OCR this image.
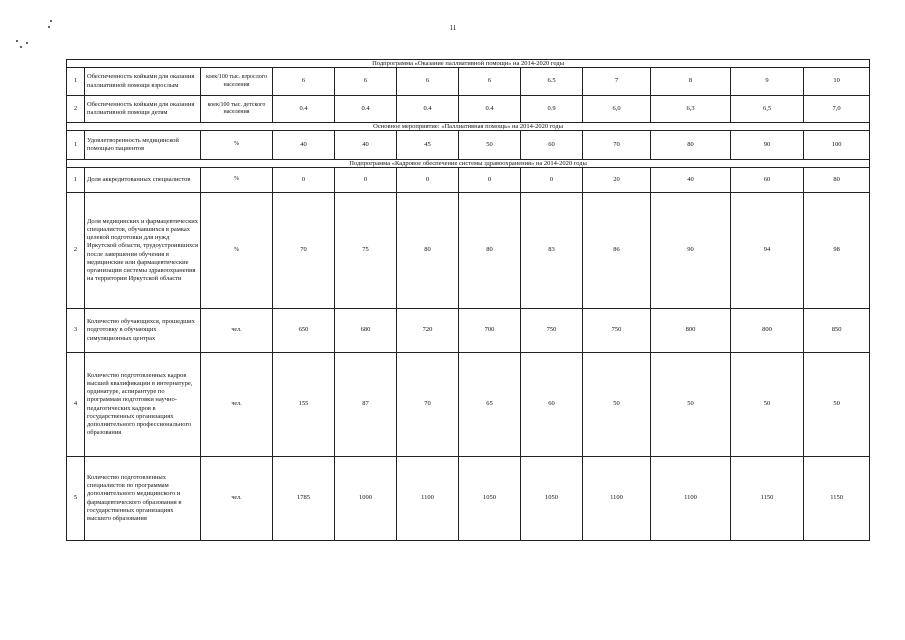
11
Подпрограмма «Оказание паллиативной помощи» на 2014-2020 годы											
1	Обеспеченность койками для оказания паллиативной помощи взрослым	коек/100 тыс. взрослого населения	6	6	6	6	6.5	7	8	9	10
2	Обеспеченность койками для оказания паллиативной помощи детям	коек/100 тыс. детского населения	0.4	0.4	0.4	0.4	0.9	6,0	6,3	6,5	7,0
Основное мероприятие: «Паллиативная помощь» на 2014-2020 годы											
1	Удовлетворенность медицинской помощью пациентов	%	40	40	45	50	60	70	80	90	100
Подпрограмма «Кадровое обеспечение системы здравоохранения» на 2014-2020 годы											
1	Доля аккредитованных специалистов	%	0	0	0	0	0	20	40	60	80
2	Доля медицинских и фармацевтических специалистов, обучавшихся в рамках целевой подготовки для нужд Иркутской области, трудоустроившихся после завершения обучения в медицинские или фармацевтические организации системы здравоохранения на территории Иркутской области	%	70	75	80	80	83	86	90	94	98
3	Количество обучающихся, прошедших подготовку в обучающих симуляционных центрах	чел.	650	680	720	700	750	750	800	800	850
4	Количество подготовленных кадров высшей квалификации в интернатуре, ординатуре, аспирантуре по программам подготовки научно-педагогических кадров в государственных организациях дополнительного профессионального образования	чел.	155	87	70	65	60	50	50	50	50
5	Количество подготовленных специалистов по программам дополнительного медицинского и фармацевтического образования в государственных организациях высшего образования	чел.	1785	1000	1100	1050	1050	1100	1100	1150	1150
